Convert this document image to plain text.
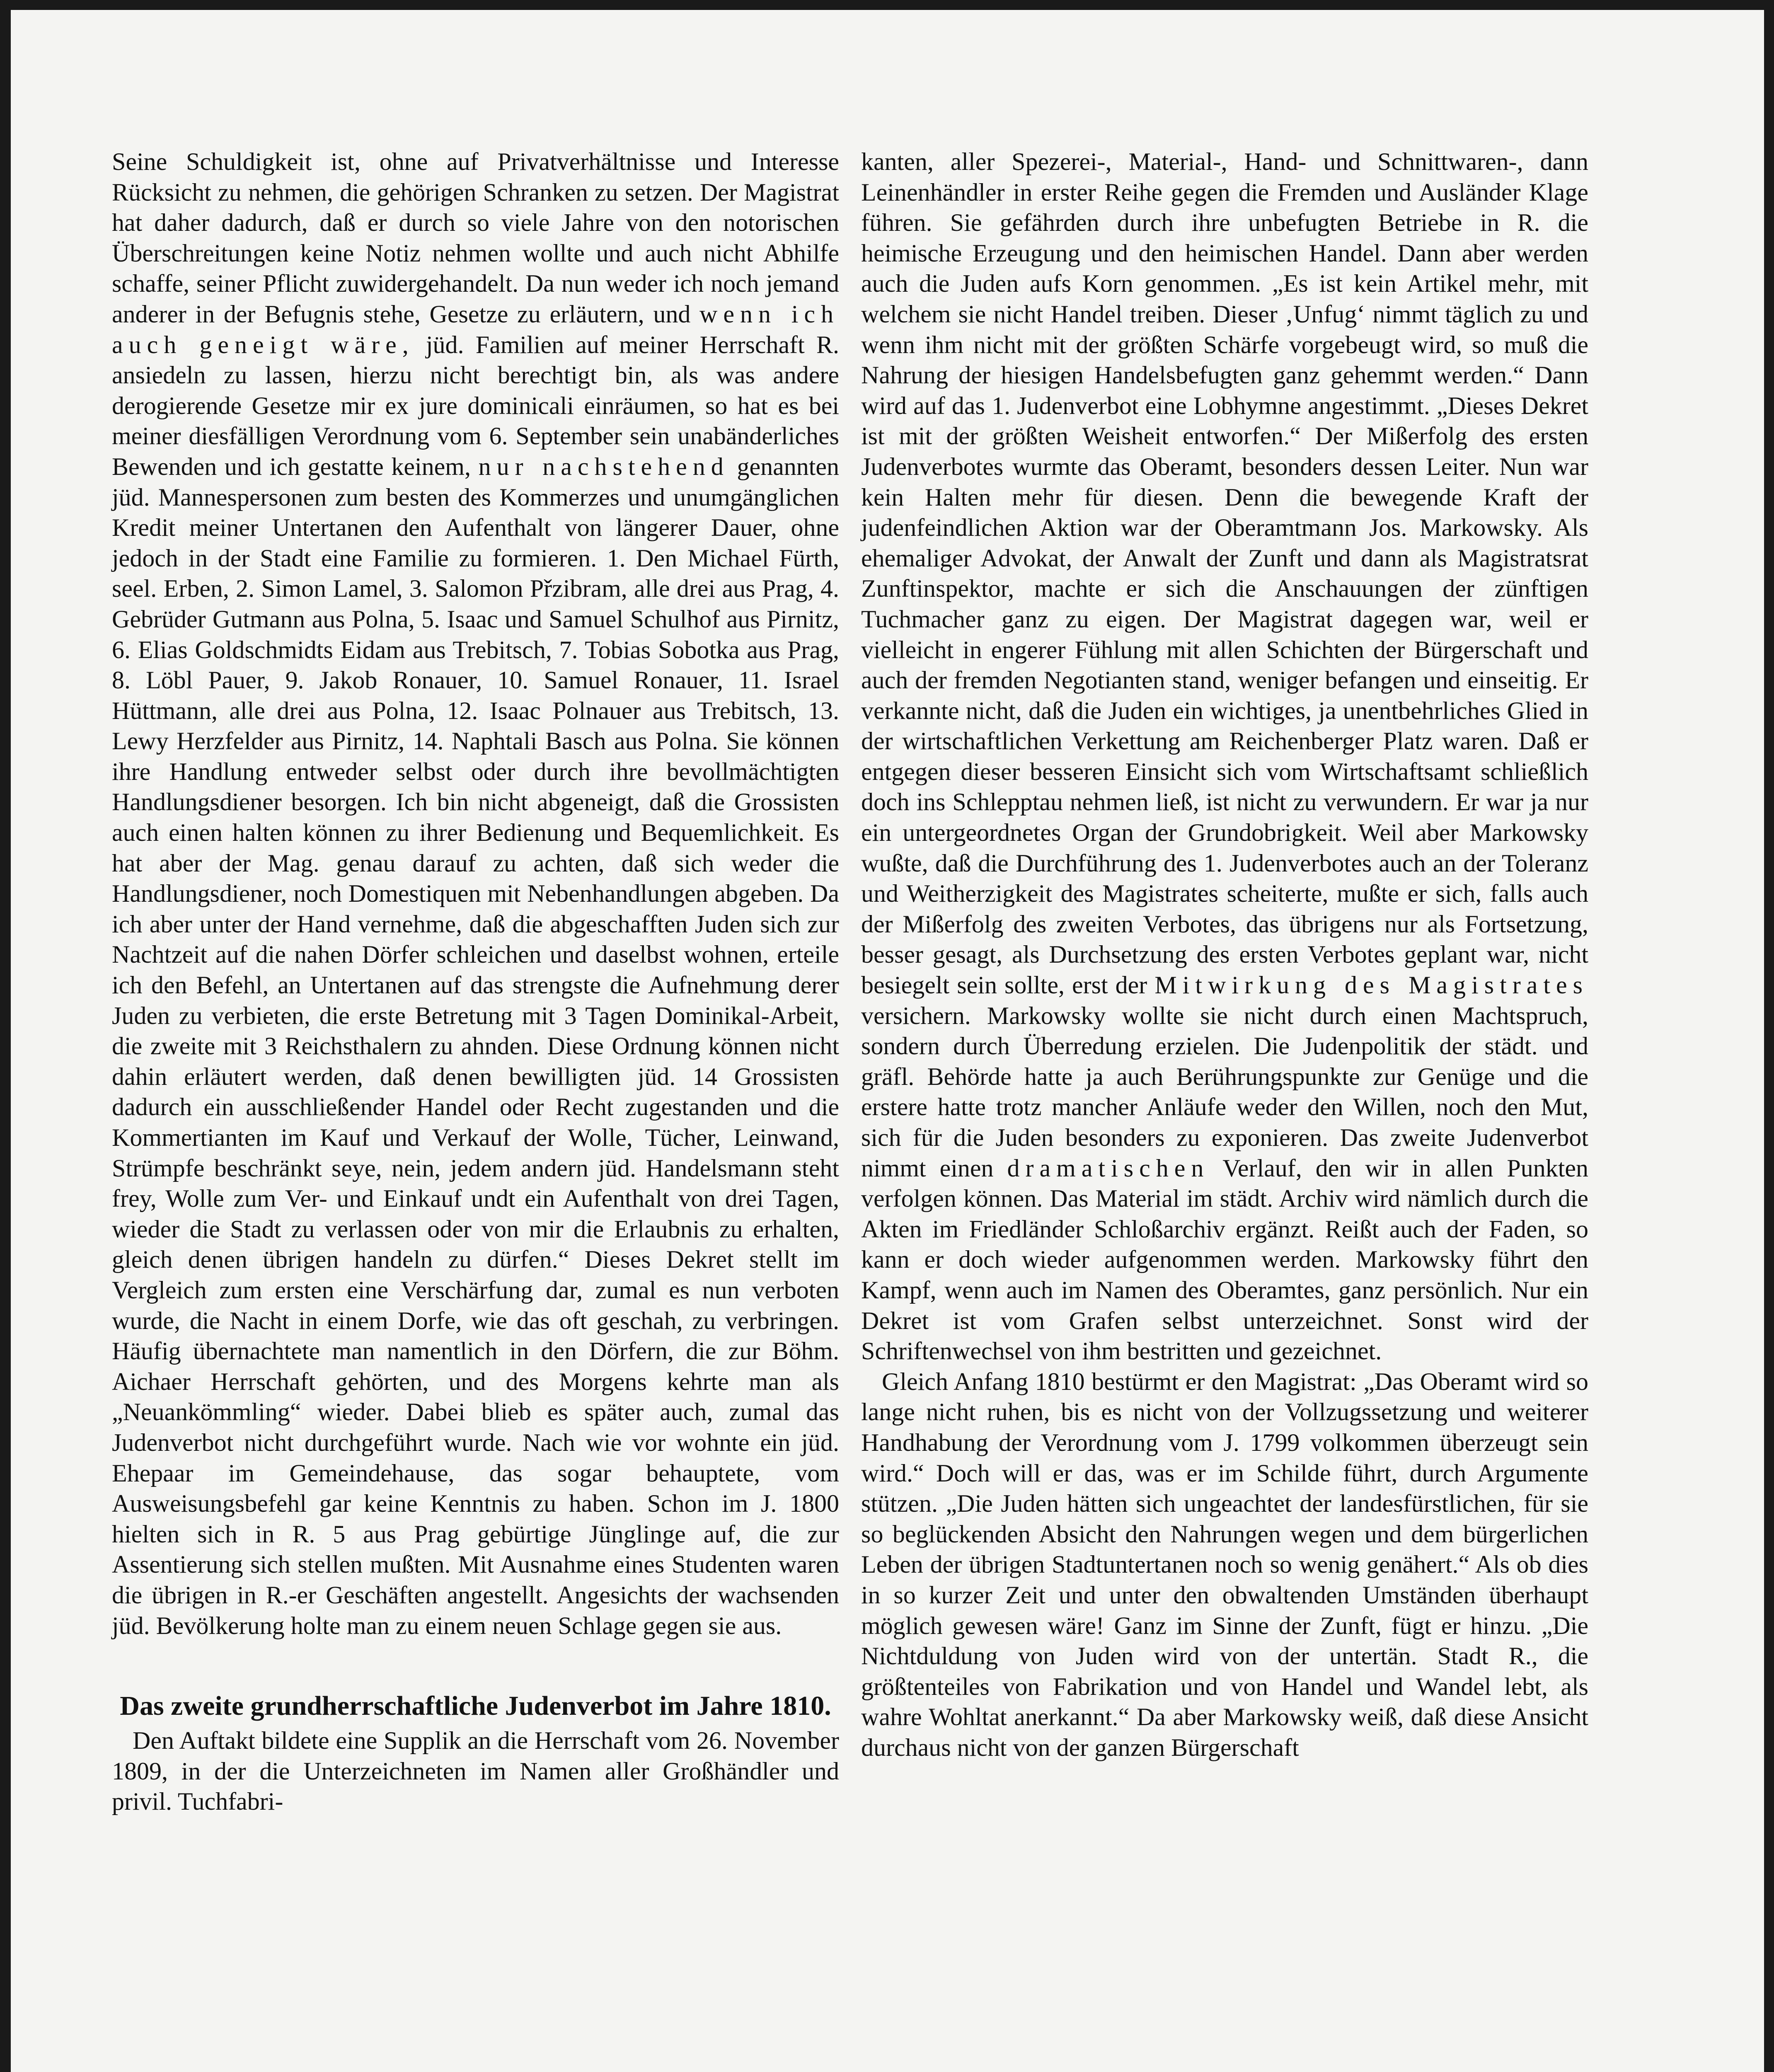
Seine Schuldigkeit ist, ohne auf Privatverhältnisse und Interesse Rücksicht zu nehmen, die gehörigen Schranken zu setzen. Der Magistrat hat daher dadurch, daß er durch so viele Jahre von den notorischen Überschreitungen keine Notiz nehmen wollte und auch nicht Abhilfe schaffe, seiner Pflicht zuwidergehandelt. Da nun weder ich noch jemand anderer in der Befugnis stehe, Gesetze zu erläutern, und wenn ich auch geneigt wäre, jüd. Familien auf meiner Herrschaft R. ansiedeln zu lassen, hierzu nicht berechtigt bin, als was andere derogierende Gesetze mir ex jure dominicali einräumen, so hat es bei meiner diesfälligen Verordnung vom 6. September sein unabänderliches Bewenden und ich gestatte keinem, nur nachstehend genannten jüd. Mannespersonen zum besten des Kommerzes und unumgänglichen Kredit meiner Untertanen den Aufenthalt von längerer Dauer, ohne jedoch in der Stadt eine Familie zu formieren. 1. Den Michael Fürth, seel. Erben, 2. Simon Lamel, 3. Salomon Přzibram, alle drei aus Prag, 4. Gebrüder Gutmann aus Polna, 5. Isaac und Samuel Schulhof aus Pirnitz, 6. Elias Goldschmidts Eidam aus Trebitsch, 7. Tobias Sobotka aus Prag, 8. Löbl Pauer, 9. Jakob Ronauer, 10. Samuel Ronauer, 11. Israel Hüttmann, alle drei aus Polna, 12. Isaac Polnauer aus Trebitsch, 13. Lewy Herzfelder aus Pirnitz, 14. Naphtali Basch aus Polna. Sie können ihre Handlung entweder selbst oder durch ihre bevollmächtigten Handlungsdiener besorgen. Ich bin nicht abgeneigt, daß die Grossisten auch einen halten können zu ihrer Bedienung und Bequemlichkeit. Es hat aber der Mag. genau darauf zu achten, daß sich weder die Handlungsdiener, noch Domestiquen mit Nebenhandlungen abgeben. Da ich aber unter der Hand vernehme, daß die abgeschafften Juden sich zur Nachtzeit auf die nahen Dörfer schleichen und daselbst wohnen, erteile ich den Befehl, an Untertanen auf das strengste die Aufnehmung derer Juden zu verbieten, die erste Betretung mit 3 Tagen Dominikal-Arbeit, die zweite mit 3 Reichsthalern zu ahnden. Diese Ordnung können nicht dahin erläutert werden, daß denen bewilligten jüd. 14 Grossisten dadurch ein ausschließender Handel oder Recht zugestanden und die Kommertianten im Kauf und Verkauf der Wolle, Tücher, Leinwand, Strümpfe beschränkt seye, nein, jedem andern jüd. Handelsmann steht frey, Wolle zum Ver- und Einkauf undt ein Aufenthalt von drei Tagen, wieder die Stadt zu verlassen oder von mir die Erlaubnis zu erhalten, gleich denen übrigen handeln zu dürfen.“ Dieses Dekret stellt im Vergleich zum ersten eine Verschärfung dar, zumal es nun verboten wurde, die Nacht in einem Dorfe, wie das oft geschah, zu verbringen. Häufig übernachtete man namentlich in den Dörfern, die zur Böhm. Aichaer Herrschaft gehörten, und des Morgens kehrte man als „Neuankömmling“ wieder. Dabei blieb es später auch, zumal das Judenverbot nicht durchgeführt wurde. Nach wie vor wohnte ein jüd. Ehepaar im Gemeindehause, das sogar behauptete, vom Ausweisungsbefehl gar keine Kenntnis zu haben. Schon im J. 1800 hielten sich in R. 5 aus Prag gebürtige Jünglinge auf, die zur Assentierung sich stellen mußten. Mit Ausnahme eines Studenten waren die übrigen in R.-er Geschäften angestellt. Angesichts der wachsenden jüd. Bevölkerung holte man zu einem neuen Schlage gegen sie aus.

Das zweite grundherrschaftliche Judenverbot im Jahre 1810.

Den Auftakt bildete eine Supplik an die Herrschaft vom 26. November 1809, in der die Unterzeichneten im Namen aller Großhändler und privil. Tuchfabri-

kanten, aller Spezerei-, Material-, Hand- und Schnittwaren-, dann Leinenhändler in erster Reihe gegen die Fremden und Ausländer Klage führen. Sie gefährden durch ihre unbefugten Betriebe in R. die heimische Erzeugung und den heimischen Handel. Dann aber werden auch die Juden aufs Korn genommen. „Es ist kein Artikel mehr, mit welchem sie nicht Handel treiben. Dieser ‚Unfug‘ nimmt täglich zu und wenn ihm nicht mit der größten Schärfe vorgebeugt wird, so muß die Nahrung der hiesigen Handelsbefugten ganz gehemmt werden.“ Dann wird auf das 1. Judenverbot eine Lobhymne angestimmt. „Dieses Dekret ist mit der größten Weisheit entworfen.“ Der Mißerfolg des ersten Judenverbotes wurmte das Oberamt, besonders dessen Leiter. Nun war kein Halten mehr für diesen. Denn die bewegende Kraft der judenfeindlichen Aktion war der Oberamtmann Jos. Markowsky. Als ehemaliger Advokat, der Anwalt der Zunft und dann als Magistratsrat Zunftinspektor, machte er sich die Anschauungen der zünftigen Tuchmacher ganz zu eigen. Der Magistrat dagegen war, weil er vielleicht in engerer Fühlung mit allen Schichten der Bürgerschaft und auch der fremden Negotianten stand, weniger befangen und einseitig. Er verkannte nicht, daß die Juden ein wichtiges, ja unentbehrliches Glied in der wirtschaftlichen Verkettung am Reichenberger Platz waren. Daß er entgegen dieser besseren Einsicht sich vom Wirtschaftsamt schließlich doch ins Schlepptau nehmen ließ, ist nicht zu verwundern. Er war ja nur ein untergeordnetes Organ der Grundobrigkeit. Weil aber Markowsky wußte, daß die Durchführung des 1. Judenverbotes auch an der Toleranz und Weitherzigkeit des Magistrates scheiterte, mußte er sich, falls auch der Mißerfolg des zweiten Verbotes, das übrigens nur als Fortsetzung, besser gesagt, als Durchsetzung des ersten Verbotes geplant war, nicht besiegelt sein sollte, erst der Mitwirkung des Magistrates versichern. Markowsky wollte sie nicht durch einen Machtspruch, sondern durch Überredung erzielen. Die Judenpolitik der städt. und gräfl. Behörde hatte ja auch Berührungspunkte zur Genüge und die erstere hatte trotz mancher Anläufe weder den Willen, noch den Mut, sich für die Juden besonders zu exponieren. Das zweite Judenverbot nimmt einen dramatischen Verlauf, den wir in allen Punkten verfolgen können. Das Material im städt. Archiv wird nämlich durch die Akten im Friedländer Schloßarchiv ergänzt. Reißt auch der Faden, so kann er doch wieder aufgenommen werden. Markowsky führt den Kampf, wenn auch im Namen des Oberamtes, ganz persönlich. Nur ein Dekret ist vom Grafen selbst unterzeichnet. Sonst wird der Schriftenwechsel von ihm bestritten und gezeichnet.

Gleich Anfang 1810 bestürmt er den Magistrat: „Das Oberamt wird so lange nicht ruhen, bis es nicht von der Vollzugssetzung und weiterer Handhabung der Verordnung vom J. 1799 volkommen überzeugt sein wird.“ Doch will er das, was er im Schilde führt, durch Argumente stützen. „Die Juden hätten sich ungeachtet der landesfürstlichen, für sie so beglückenden Absicht den Nahrungen wegen und dem bürgerlichen Leben der übrigen Stadtuntertanen noch so wenig genähert.“ Als ob dies in so kurzer Zeit und unter den obwaltenden Umständen überhaupt möglich gewesen wäre! Ganz im Sinne der Zunft, fügt er hinzu. „Die Nichtduldung von Juden wird von der untertän. Stadt R., die größtenteiles von Fabrikation und von Handel und Wandel lebt, als wahre Wohltat anerkannt.“ Da aber Markowsky weiß, daß diese Ansicht durchaus nicht von der ganzen Bürgerschaft
